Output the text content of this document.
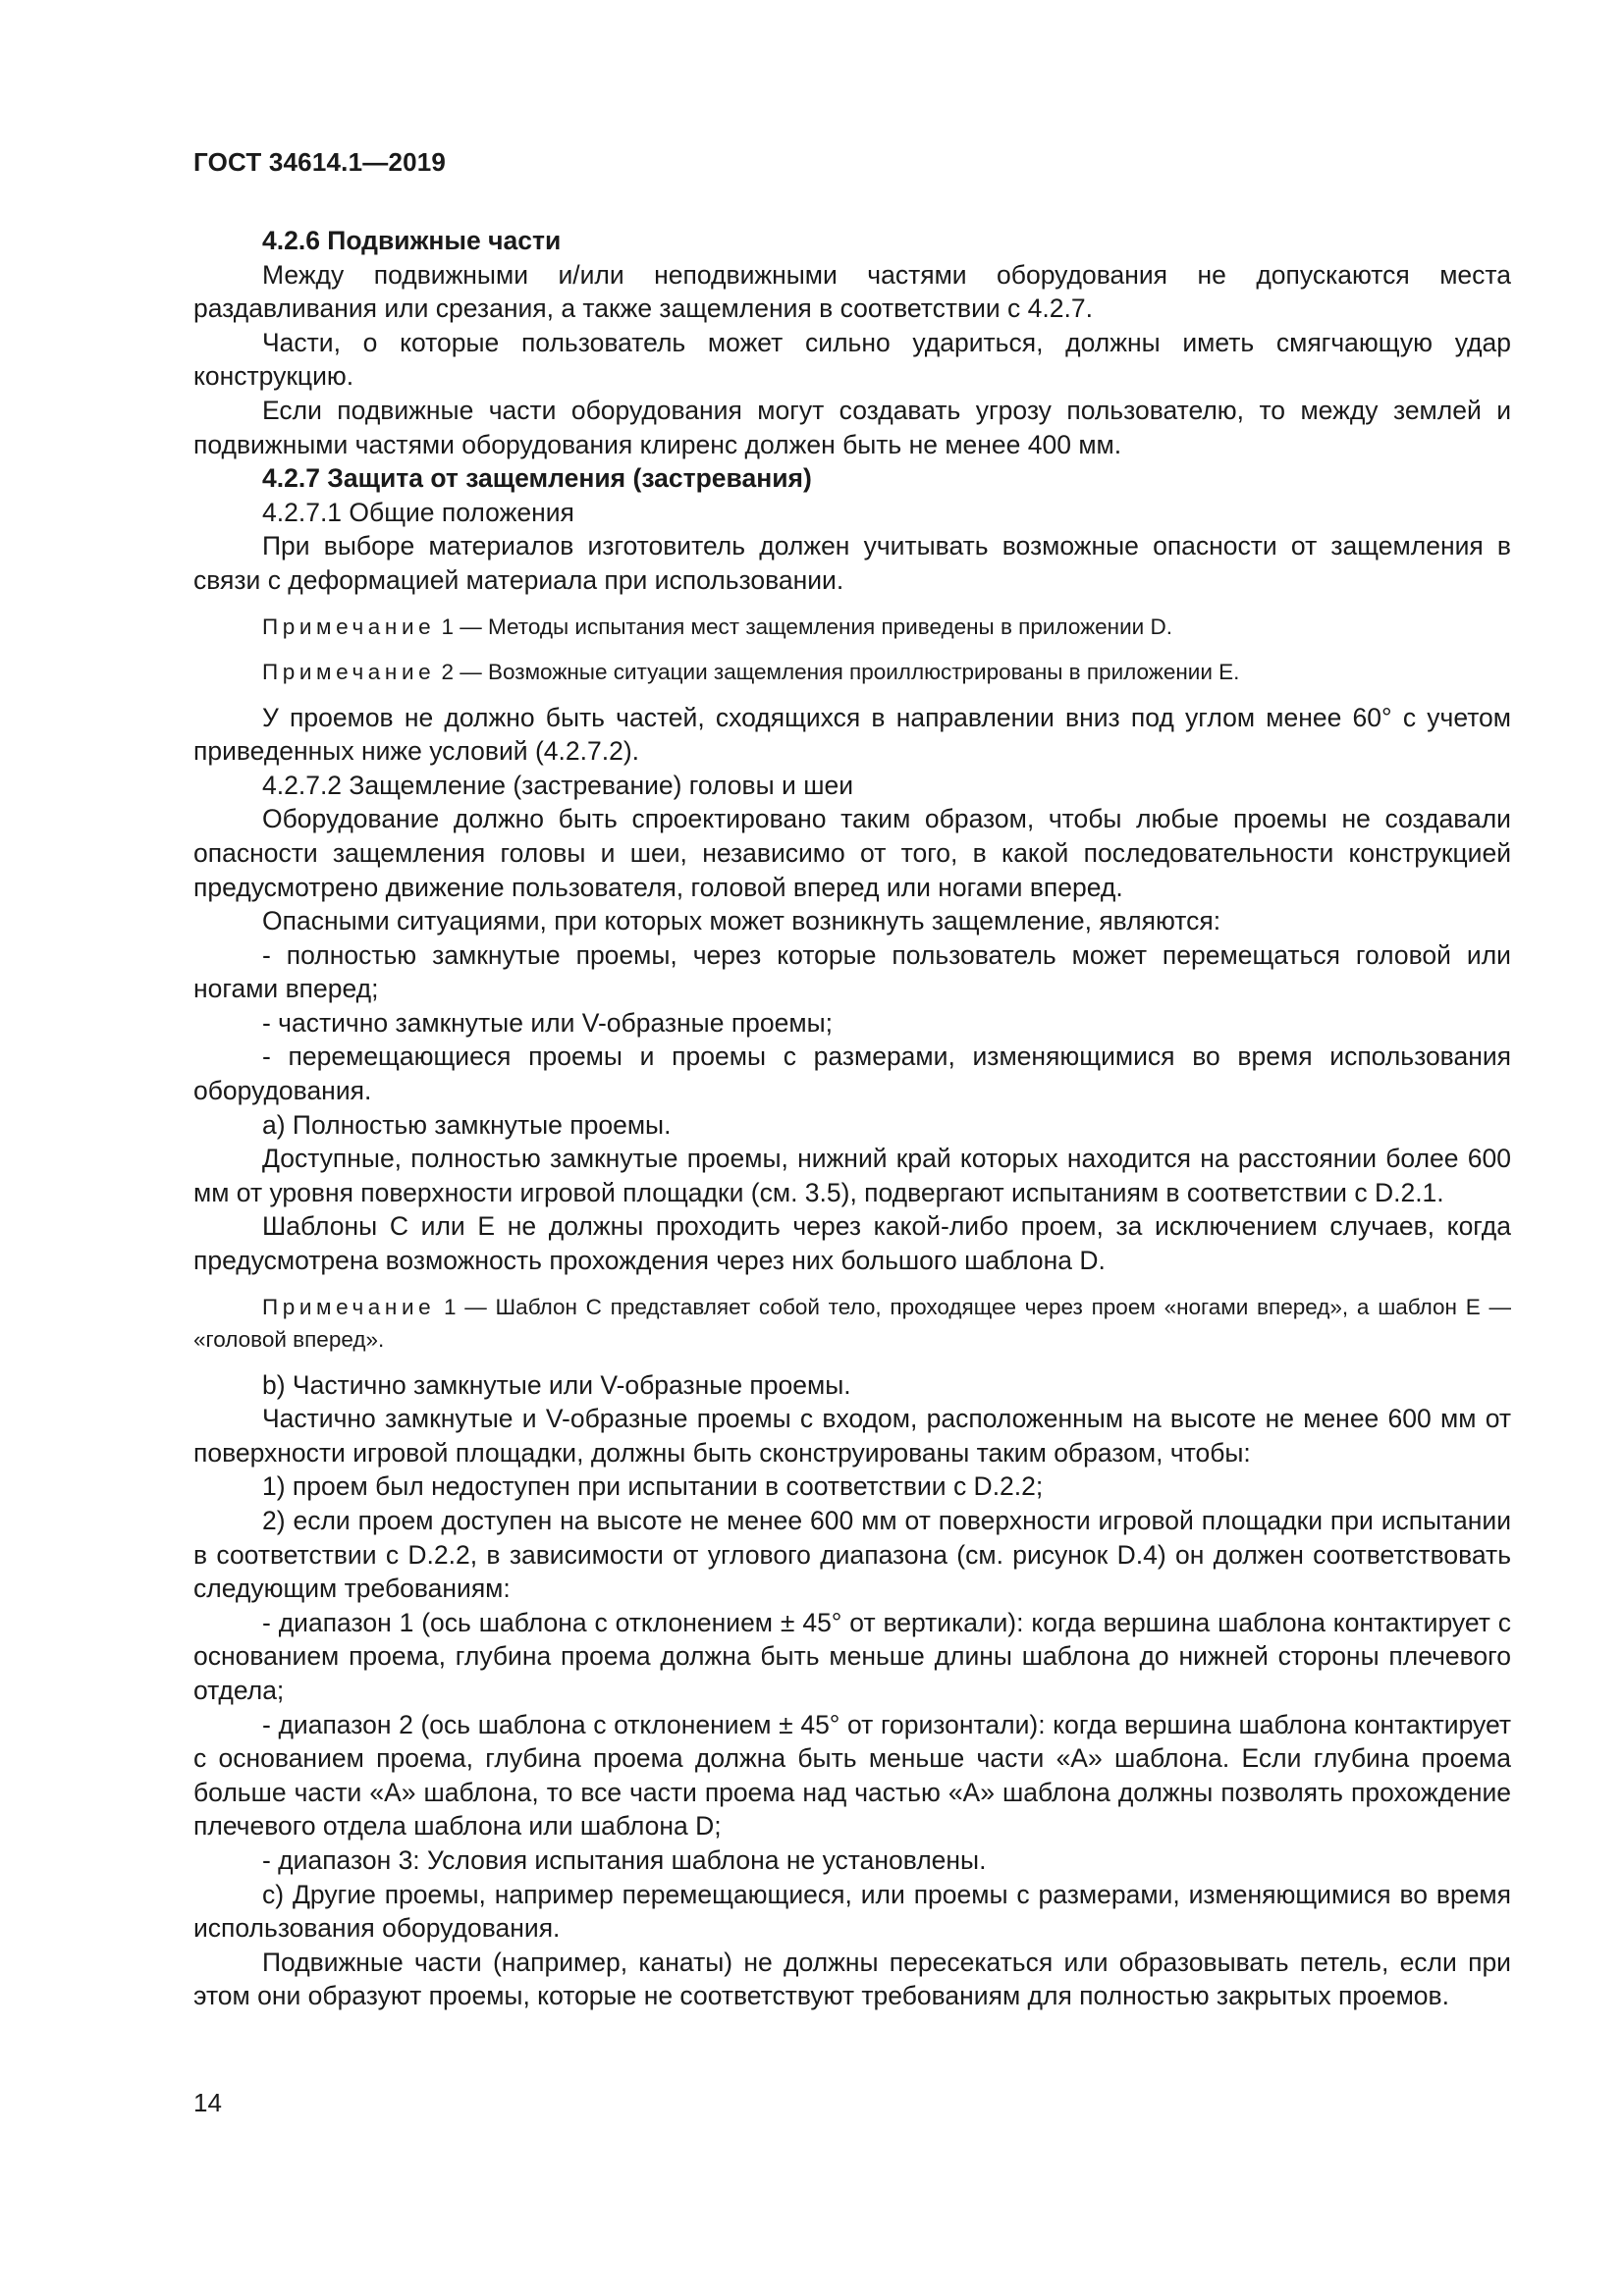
ГОСТ 34614.1—2019

4.2.6 Подвижные части

Между подвижными и/или неподвижными частями оборудования не допускаются места раздавливания или срезания, а также защемления в соответствии с 4.2.7.

Части, о которые пользователь может сильно удариться, должны иметь смягчающую удар конструкцию.

Если подвижные части оборудования могут создавать угрозу пользователю, то между землей и подвижными частями оборудования клиренс должен быть не менее 400 мм.

4.2.7 Защита от защемления (застревания)

4.2.7.1 Общие положения

При выборе материалов изготовитель должен учитывать возможные опасности от защемления в связи с деформацией материала при использовании.

Примечание 1 — Методы испытания мест защемления приведены в приложении D.

Примечание 2 — Возможные ситуации защемления проиллюстрированы в приложении E.

У проемов не должно быть частей, сходящихся в направлении вниз под углом менее 60° с учетом приведенных ниже условий (4.2.7.2).

4.2.7.2 Защемление (застревание) головы и шеи

Оборудование должно быть спроектировано таким образом, чтобы любые проемы не создавали опасности защемления головы и шеи, независимо от того, в какой последовательности конструкцией предусмотрено движение пользователя, головой вперед или ногами вперед.

Опасными ситуациями, при которых может возникнуть защемление, являются:

- полностью замкнутые проемы, через которые пользователь может перемещаться головой или ногами вперед;

- частично замкнутые или V-образные проемы;

- перемещающиеся проемы и проемы с размерами, изменяющимися во время использования оборудования.

а) Полностью замкнутые проемы.

Доступные, полностью замкнутые проемы, нижний край которых находится на расстоянии более 600 мм от уровня поверхности игровой площадки (см. 3.5), подвергают испытаниям в соответствии с D.2.1.

Шаблоны C или E не должны проходить через какой-либо проем, за исключением случаев, когда предусмотрена возможность прохождения через них большого шаблона D.

Примечание 1 — Шаблон C представляет собой тело, проходящее через проем «ногами вперед», а шаблон E — «головой вперед».

b) Частично замкнутые или V-образные проемы.

Частично замкнутые и V-образные проемы с входом, расположенным на высоте не менее 600 мм от поверхности игровой площадки, должны быть сконструированы таким образом, чтобы:

1) проем был недоступен при испытании в соответствии с D.2.2;

2) если проем доступен на высоте не менее 600 мм от поверхности игровой площадки при испытании в соответствии с D.2.2, в зависимости от углового диапазона (см. рисунок D.4) он должен соответствовать следующим требованиям:

- диапазон 1 (ось шаблона с отклонением ± 45° от вертикали): когда вершина шаблона контактирует с основанием проема, глубина проема должна быть меньше длины шаблона до нижней стороны плечевого отдела;

- диапазон 2 (ось шаблона с отклонением ± 45° от горизонтали): когда вершина шаблона контактирует с основанием проема, глубина проема должна быть меньше части «А» шаблона. Если глубина проема больше части «А» шаблона, то все части проема над частью «А» шаблона должны позволять прохождение плечевого отдела шаблона или шаблона D;

- диапазон 3: Условия испытания шаблона не установлены.

c) Другие проемы, например перемещающиеся, или проемы с размерами, изменяющимися во время использования оборудования.

Подвижные части (например, канаты) не должны пересекаться или образовывать петель, если при этом они образуют проемы, которые не соответствуют требованиям для полностью закрытых проемов.

14
